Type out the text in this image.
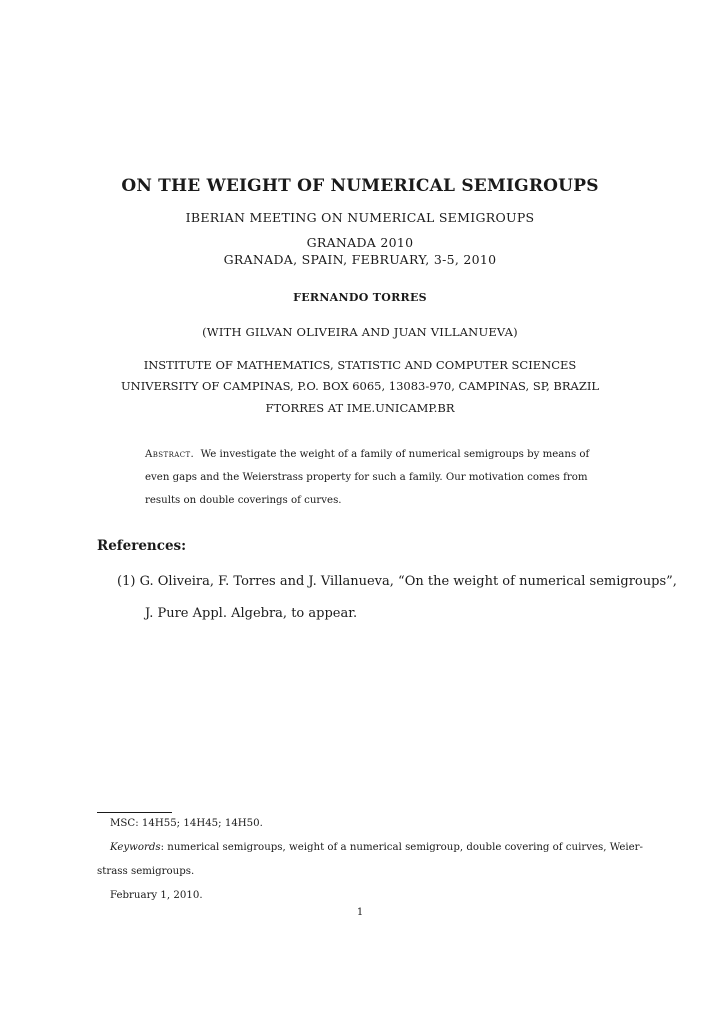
ON THE WEIGHT OF NUMERICAL SEMIGROUPS
IBERIAN MEETING ON NUMERICAL SEMIGROUPS
GRANADA 2010
GRANADA, SPAIN, FEBRUARY, 3-5, 2010
FERNANDO TORRES
(WITH GILVAN OLIVEIRA AND JUAN VILLANUEVA)
INSTITUTE OF MATHEMATICS, STATISTIC AND COMPUTER SCIENCES
UNIVERSITY OF CAMPINAS, P.O. BOX 6065, 13083-970, CAMPINAS, SP, BRAZIL
FTORRES AT IME.UNICAMP.BR
Abstract. We investigate the weight of a family of numerical semigroups by means of
even gaps and the Weierstrass property for such a family. Our motivation comes from
results on double coverings of curves.
References:
(1) G. Oliveira, F. Torres and J. Villanueva, “On the weight of numerical semigroups”,
J. Pure Appl. Algebra, to appear.
MSC: 14H55; 14H45; 14H50.
Keywords: numerical semigroups, weight of a numerical semigroup, double covering of cuirves, Weier-
strass semigroups.
February 1, 2010.
1
